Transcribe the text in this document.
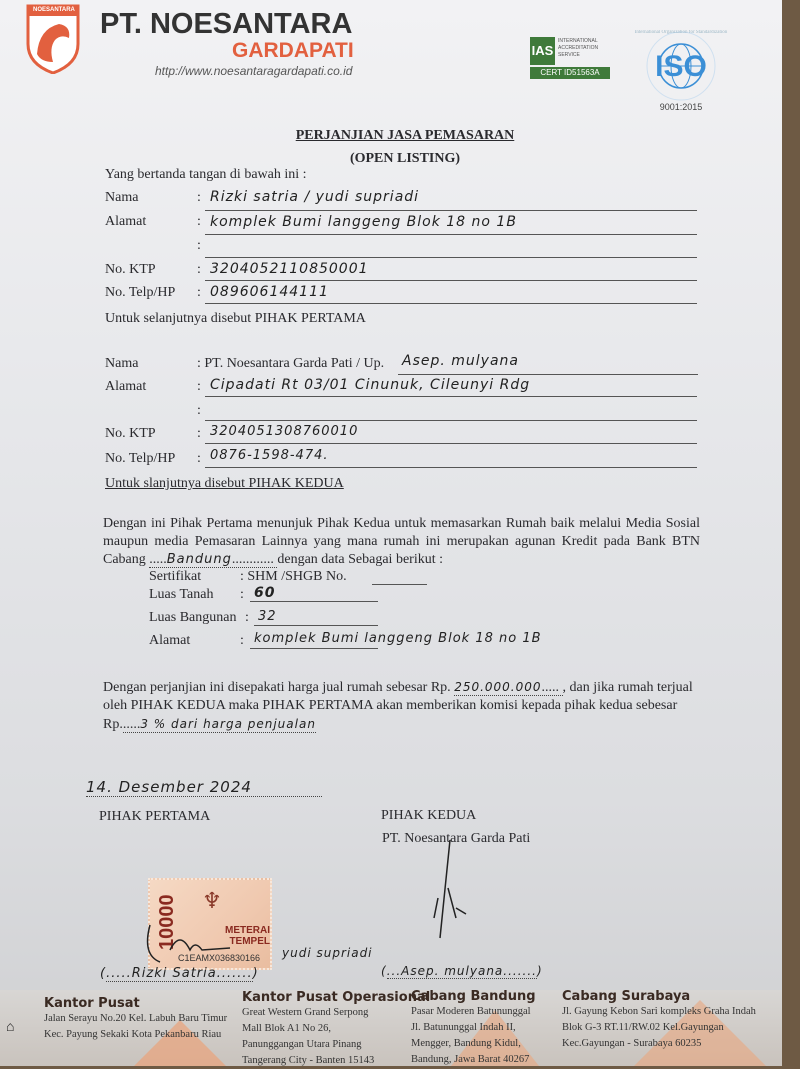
NOESANTARA PT. NOESANTARA
GARDAPATI
http://www.noesantaragardapati.co.id
IAS
INTERNATIONAL
ACCREDITATION
SERVICE
CERT ID51563A	ISO
International Organization for Standardization
9001:2015
PERJANJIAN JASA PEMASARAN
(OPEN LISTING)
Yang bertanda tangan di bawah ini :
Nama	: Rizki satria / yudi supriadi
Alamat	: komplek Bumi langgeng Blok 18 no 1B
:
No. KTP	: 3204052110850001
No. Telp/HP : 089606144111
Untuk selanjutnya disebut PIHAK PERTAMA
Nama	: PT. Noesantara Garda Pati / Up. Asep. mulyana
Alamat	: Cipadati Rt 03/01 Cinunuk, Cileunyi Rdg
:
No. KTP	: 3204051308760010
No. Telp/HP : 0876-1598-474.
Untuk slanjutnya disebut PIHAK KEDUA
Dengan ini Pihak Pertama menunjuk Pihak Kedua untuk memasarkan Rumah baik melalui Media Sosial maupun media Pemasaran Lainnya yang mana rumah ini merupakan agunan Kredit pada Bank BTN Cabang .....Bandung............ dengan data Sebagai berikut :
Sertifikat	: SHM /SHGB No.
Luas Tanah : 60
Luas Bangunan : 32
Alamat	: komplek Bumi langgeng Blok 18 no 1B
Dengan perjanjian ini disepakati harga jual rumah sebesar Rp. 250.000.000..... , dan jika rumah terjual oleh PIHAK KEDUA maka PIHAK PERTAMA akan memberikan komisi kepada pihak kedua sebesar Rp......3 % dari harga penjualan
14. Desember 2024
PIHAK PERTAMA	PIHAK KEDUA
PT. Noesantara Garda Pati
♆
10000	METERAI TEMPEL
C1EAMX036830166 yudi supriadi
(.....Rizki Satria.......)	(...Asep. mulyana.......)
⌂
Kantor Pusat

Jalan Serayu No.20 Kel. Labuh Baru Timur

Kec. Payung Sekaki Kota Pekanbaru Riau

Kantor Pusat Operasional

Great Western Grand Serpong

Mall Blok A1 No 26,

Panunggangan Utara Pinang

Tangerang City - Banten 15143

Cabang Bandung

Pasar Moderen Batununggal

Jl. Batununggal Indah II,

Mengger, Bandung Kidul,

Bandung, Jawa Barat 40267

Cabang Surabaya

Jl. Gayung Kebon Sari kompleks Graha Indah

Blok G-3 RT.11/RW.02 Kel.Gayungan

Kec.Gayungan - Surabaya 60235
